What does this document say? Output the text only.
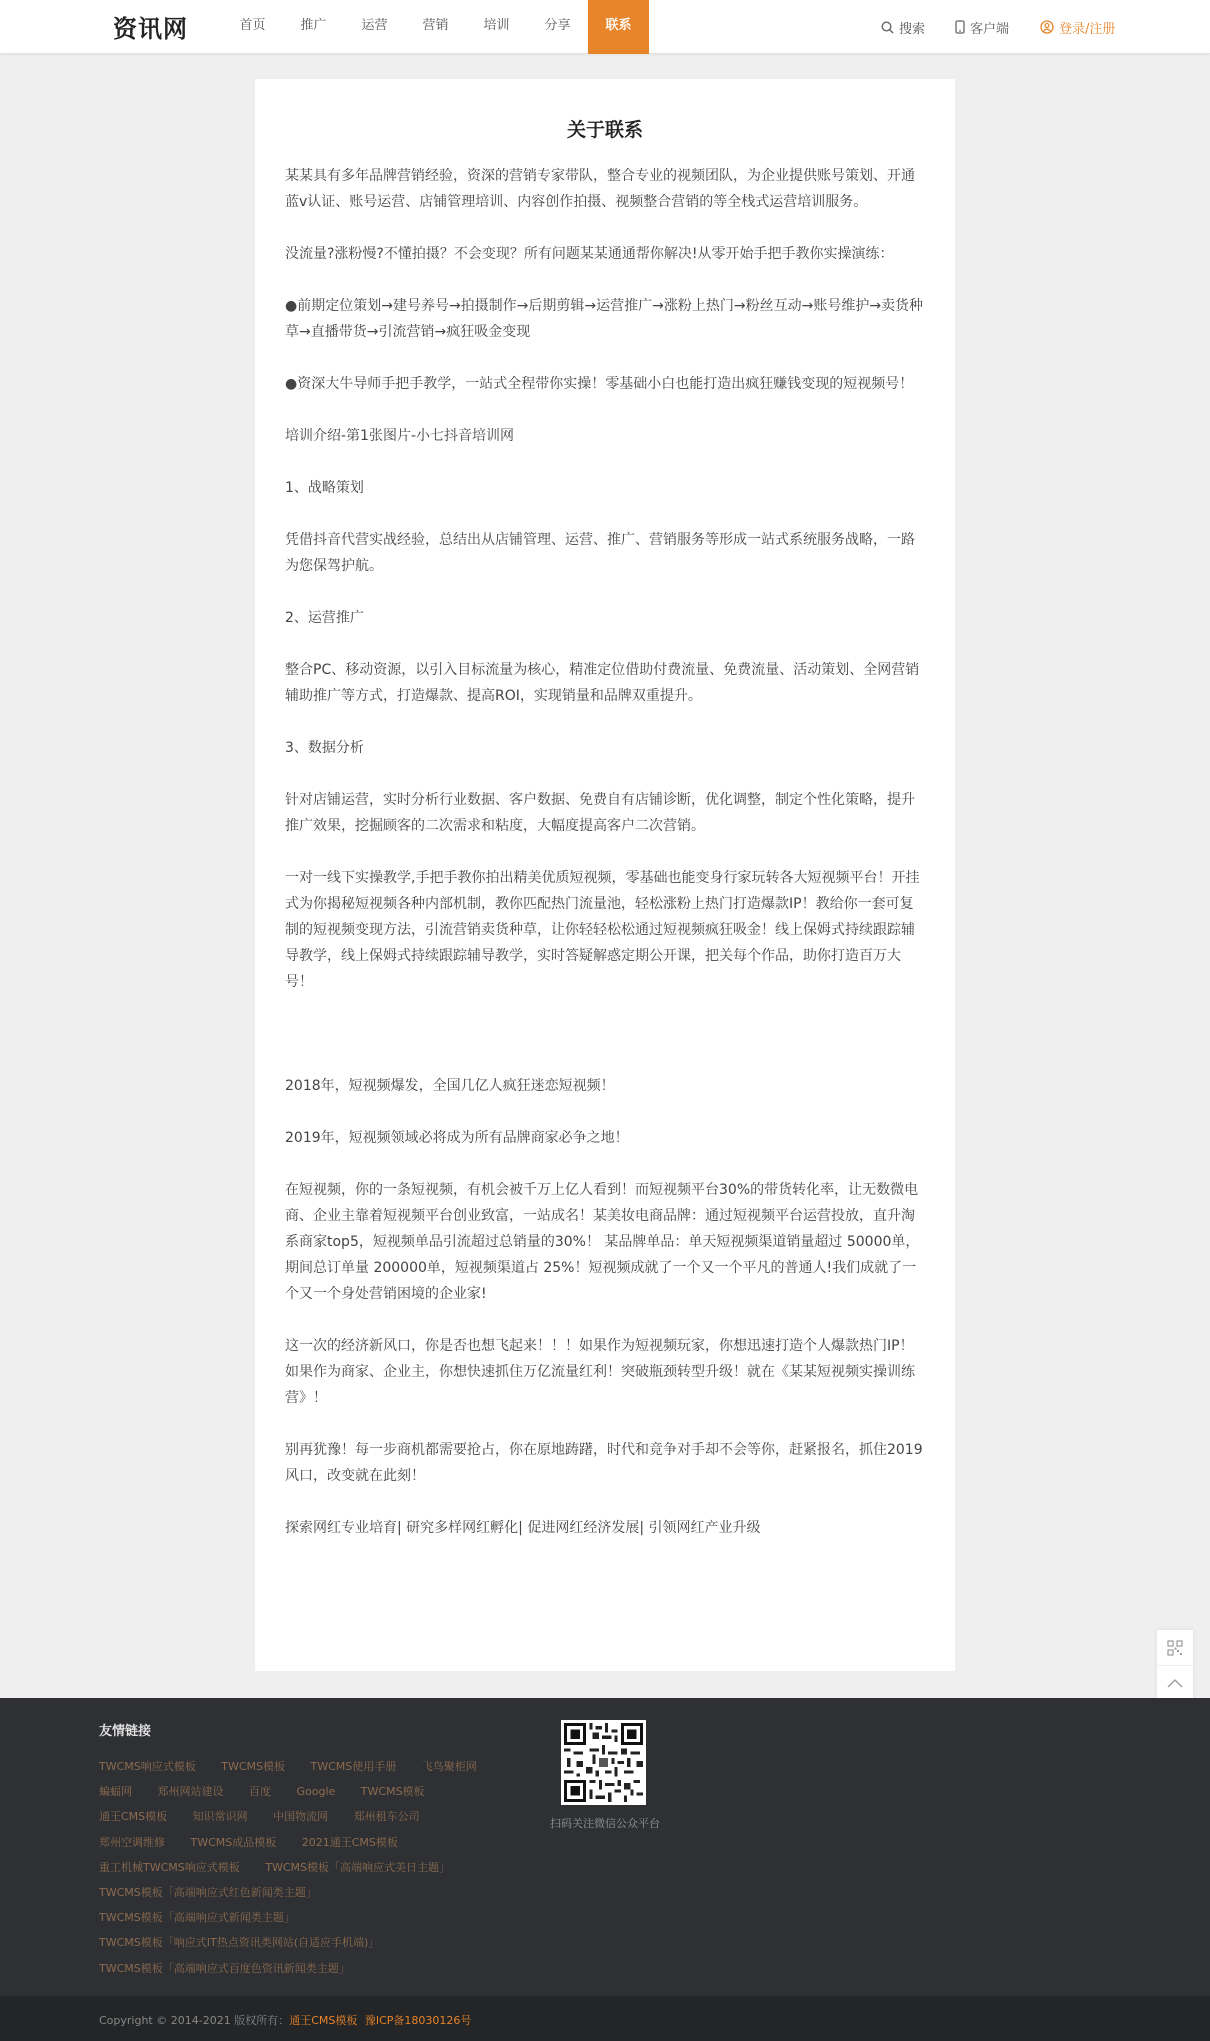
资讯网	首页	推广	运营	营销	培训	分享	联系	搜索	客户端	登录/注册
关于联系

某某具有多年品牌营销经验，资深的营销专家带队，整合专业的视频团队，为企业提供账号策划、开通蓝v认证、账号运营、店铺管理培训、内容创作拍摄、视频整合营销的等全栈式运营培训服务。

没流量?涨粉慢?不懂拍摄？不会变现？所有问题某某通通帮你解决!从零开始手把手教你实操演练：

●前期定位策划→建号养号→拍摄制作→后期剪辑→运营推广→涨粉上热门→粉丝互动→账号维护→卖货种草→直播带货→引流营销→疯狂吸金变现

●资深大牛导师手把手教学，一站式全程带你实操！零基础小白也能打造出疯狂赚钱变现的短视频号！

培训介绍-第1张图片-小七抖音培训网

1、战略策划

凭借抖音代营实战经验，总结出从店铺管理、运营、推广、营销服务等形成一站式系统服务战略，一路为您保驾护航。

2、运营推广

整合PC、移动资源，以引入目标流量为核心，精准定位借助付费流量、免费流量、活动策划、全网营销辅助推广等方式，打造爆款、提高ROI，实现销量和品牌双重提升。

3、数据分析

针对店铺运营，实时分析行业数据、客户数据、免费自有店铺诊断，优化调整，制定个性化策略，提升推广效果，挖掘顾客的二次需求和粘度，大幅度提高客户二次营销。

一对一线下实操教学,手把手教你拍出精美优质短视频，零基础也能变身行家玩转各大短视频平台！开挂式为你揭秘短视频各种内部机制，教你匹配热门流量池，轻松涨粉上热门打造爆款IP！教给你一套可复制的短视频变现方法，引流营销卖货种草，让你轻轻松松通过短视频疯狂吸金！线上保姆式持续跟踪辅导教学，线上保姆式持续跟踪辅导教学，实时答疑解惑定期公开课，把关每个作品，助你打造百万大号！

2018年，短视频爆发，全国几亿人疯狂迷恋短视频！

2019年，短视频领域必将成为所有品牌商家必争之地！

在短视频，你的一条短视频，有机会被千万上亿人看到！而短视频平台30%的带货转化率，让无数微电商、企业主靠着短视频平台创业致富，一站成名！某美妆电商品牌：通过短视频平台运营投放，直升淘系商家top5，短视频单品引流超过总销量的30%！ 某品牌单品：单天短视频渠道销量超过 50000单，期间总订单量 200000单，短视频渠道占 25%！短视频成就了一个又一个平凡的普通人!我们成就了一个又一个身处营销困境的企业家!

这一次的经济新风口，你是否也想飞起来！！！如果作为短视频玩家，你想迅速打造个人爆款热门IP！如果作为商家、企业主，你想快速抓住万亿流量红利！突破瓶颈转型升级！就在《某某短视频实操训练营》！

别再犹豫！每一步商机都需要抢占，你在原地踌躇，时代和竞争对手却不会等你，赶紧报名，抓住2019风口，改变就在此刻！

探索网红专业培育| 研究多样网红孵化| 促进网红经济发展| 引领网红产业升级

友情链接
TWCMS响应式模板 TWCMS模板 TWCMS使用手册 飞鸟聚柜网
蝙蝠网 郑州网站建设 百度 Google TWCMS模板
通王CMS模板 知识常识网 中国物流网 郑州租车公司
郑州空调维修 TWCMS成品模板 2021通王CMS模板
重工机械TWCMS响应式模板 TWCMS模板「高端响应式美日主题」
TWCMS模板「高端响应式红色新闻类主题」
TWCMS模板「高端响应式新闻类主题」
TWCMS模板「响应式IT热点资讯类网站(自适应手机端)」
TWCMS模板「高端响应式百度色资讯新闻类主题」
扫码关注微信公众平台
Copyright © 2014-2021 版权所有：通王CMS模板 豫ICP备18030126号
